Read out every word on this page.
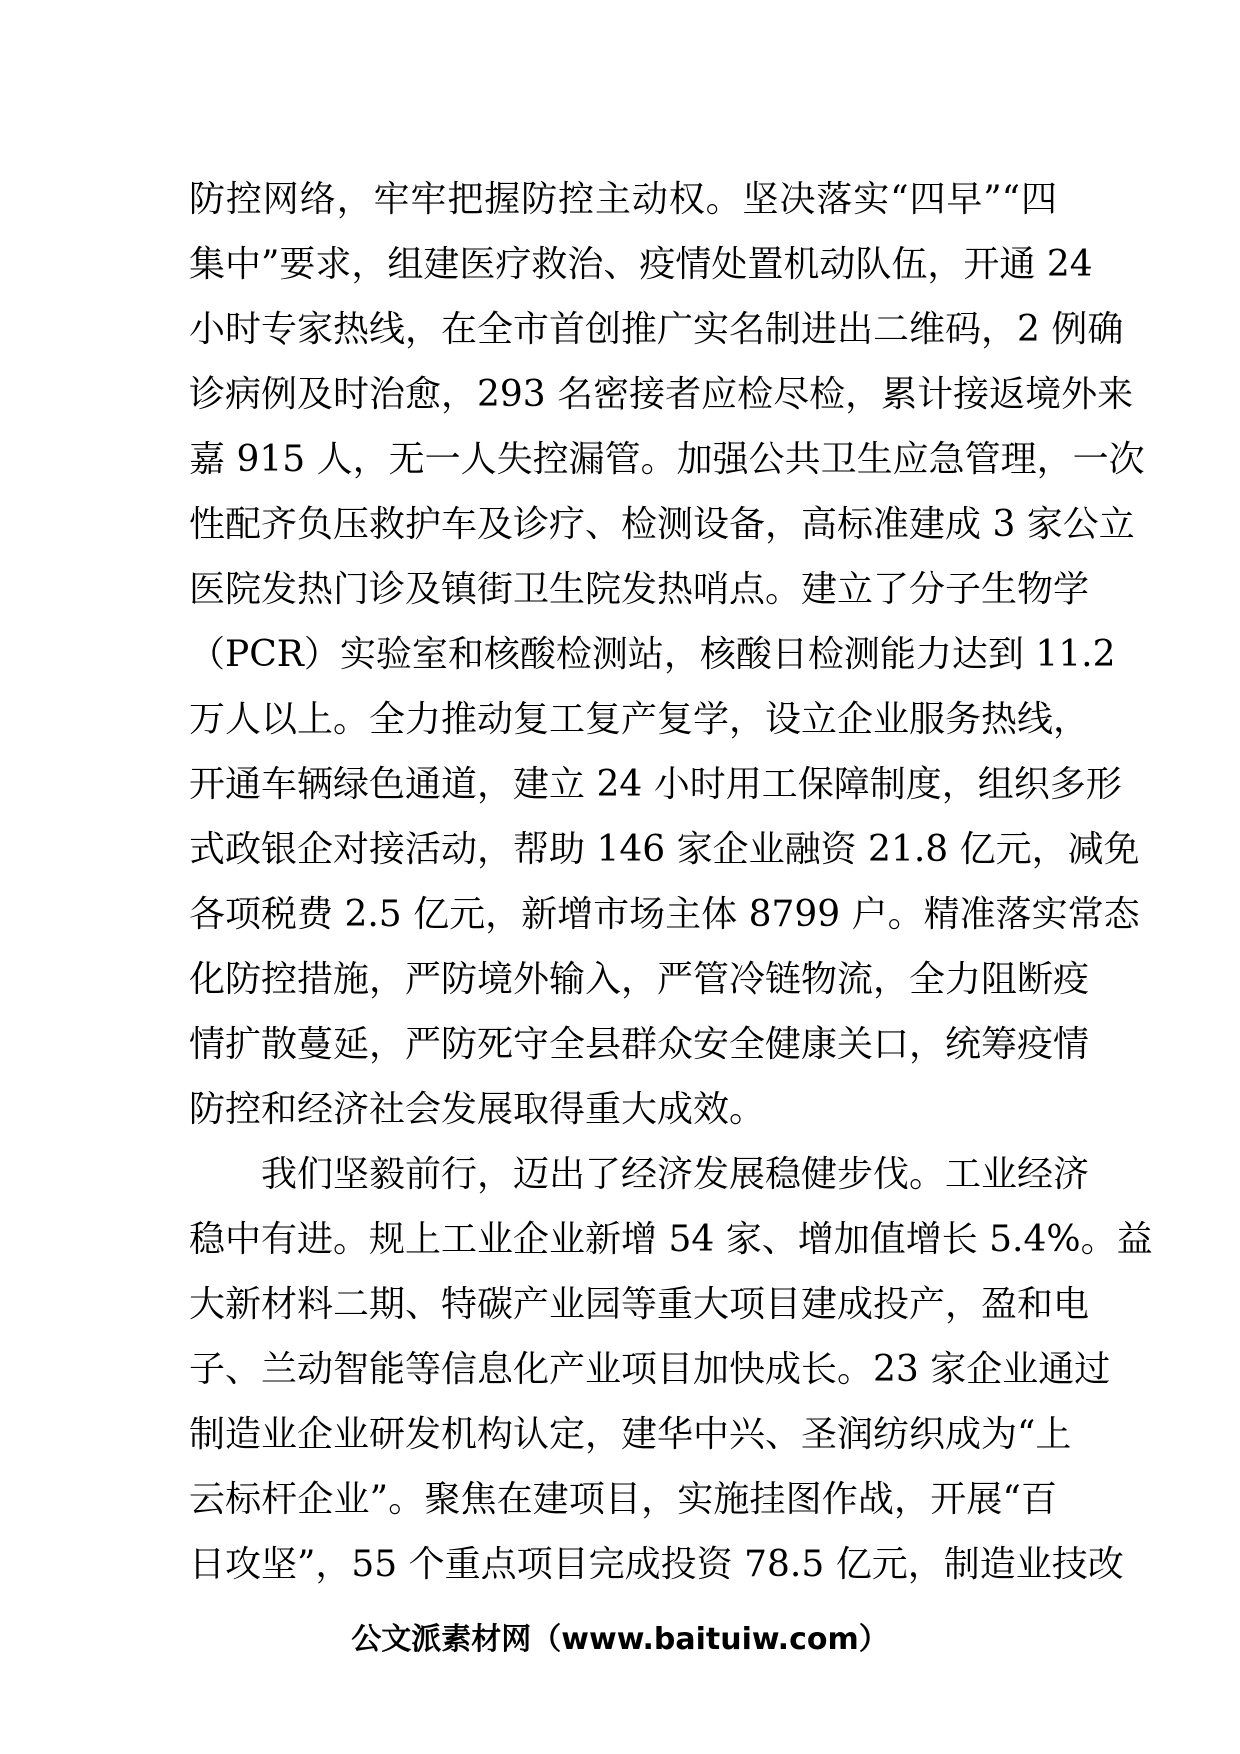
防控网络，牢牢把握防控主动权。坚决落实“四早”“四
集中”要求，组建医疗救治、疫情处置机动队伍，开通 24
小时专家热线，在全市首创推广实名制进出二维码，2 例确
诊病例及时治愈，293 名密接者应检尽检，累计接返境外来
嘉 915 人，无一人失控漏管。加强公共卫生应急管理，一次
性配齐负压救护车及诊疗、检测设备，高标准建成 3 家公立
医院发热门诊及镇街卫生院发热哨点。建立了分子生物学
（PCR）实验室和核酸检测站，核酸日检测能力达到 11.2
万人以上。全力推动复工复产复学，设立企业服务热线，
开通车辆绿色通道，建立 24 小时用工保障制度，组织多形
式政银企对接活动，帮助 146 家企业融资 21.8 亿元，减免
各项税费 2.5 亿元，新增市场主体 8799 户。精准落实常态
化防控措施，严防境外输入，严管冷链物流，全力阻断疫
情扩散蔓延，严防死守全县群众安全健康关口，统筹疫情
防控和经济社会发展取得重大成效。
我们坚毅前行，迈出了经济发展稳健步伐。工业经济
稳中有进。规上工业企业新增 54 家、增加值增长 5.4%。益
大新材料二期、特碳产业园等重大项目建成投产，盈和电
子、兰动智能等信息化产业项目加快成长。23 家企业通过
制造业企业研发机构认定，建华中兴、圣润纺织成为“上
云标杆企业”。聚焦在建项目，实施挂图作战，开展“百
日攻坚”，55 个重点项目完成投资 78.5 亿元，制造业技改
公文派素材网（www.baituiw.com）
